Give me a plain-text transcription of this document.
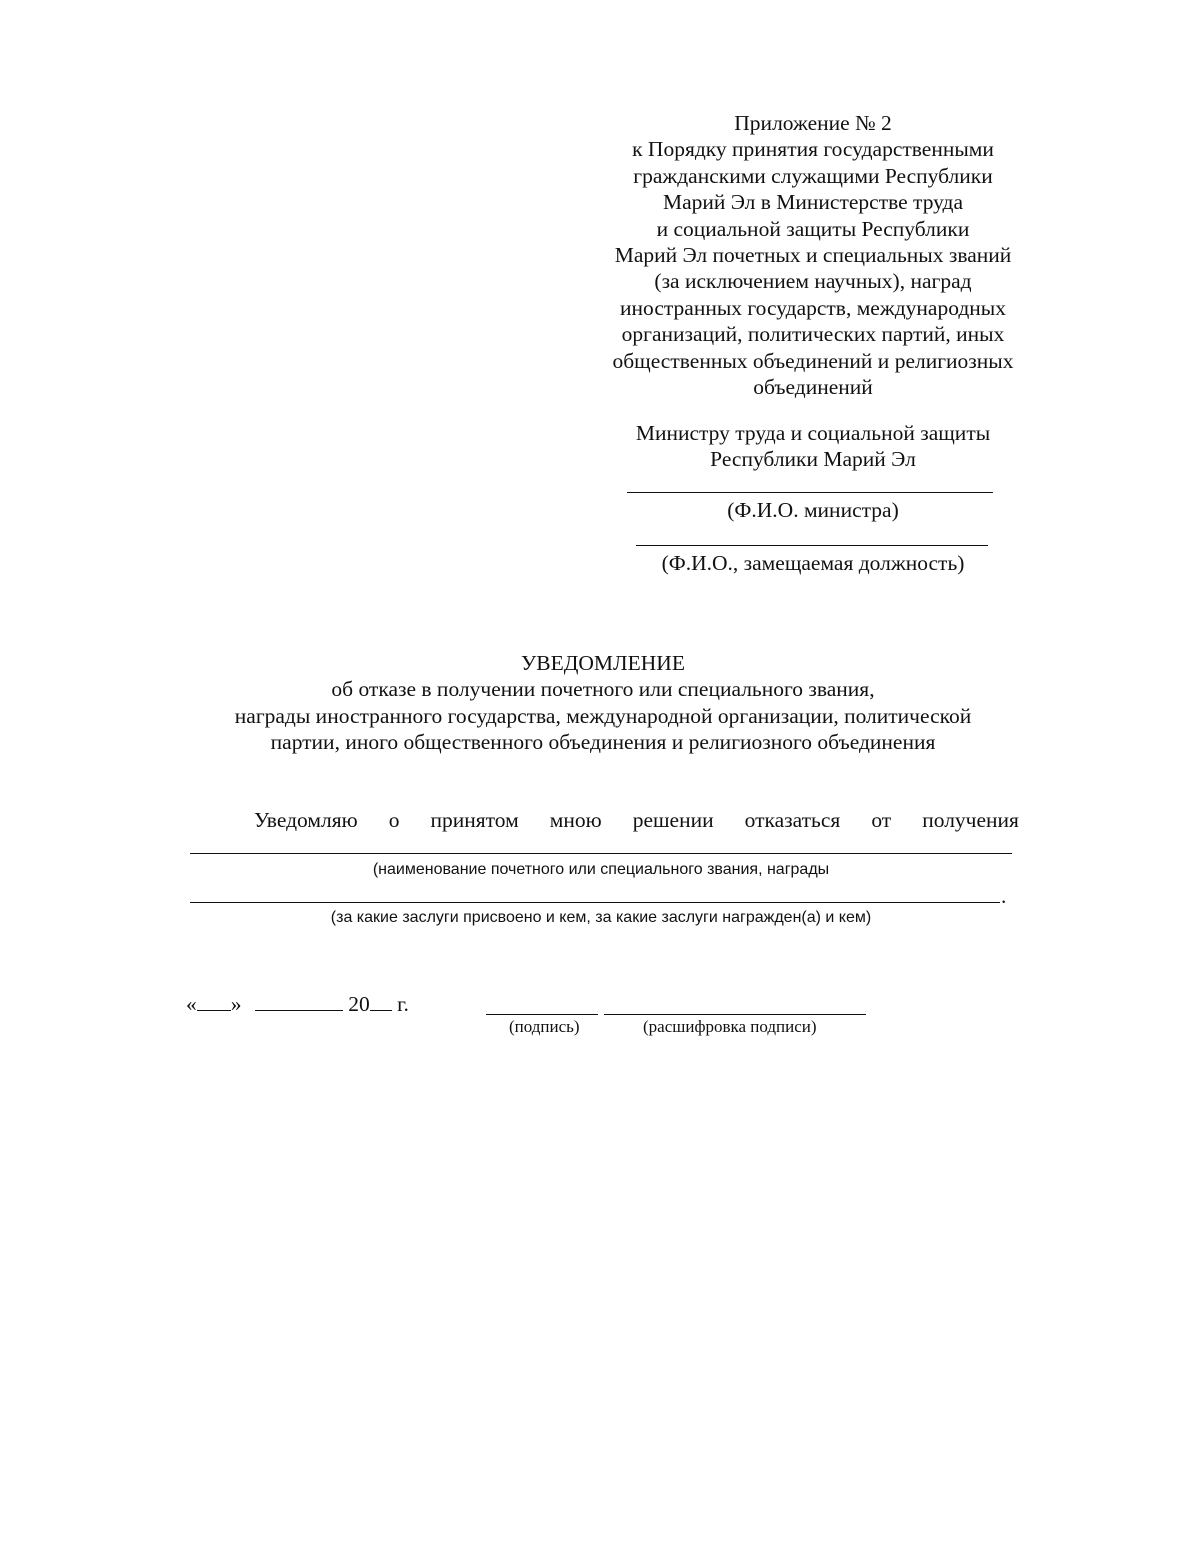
Приложение № 2
к Порядку принятия государственными
гражданскими служащими Республики
Марий Эл в Министерстве труда
и социальной защиты Республики
Марий Эл почетных и специальных званий
(за исключением научных), наград
иностранных государств, международных
организаций, политических партий, иных
общественных объединений и религиозных
объединений
Министру труда и социальной защиты
Республики Марий Эл
(Ф.И.О. министра)
(Ф.И.О., замещаемая должность)
УВЕДОМЛЕНИЕ
об отказе в получении почетного или специального звания,
награды иностранного государства, международной организации, политической
партии, иного общественного объединения и религиозного объединения
Уведомляю о принятом мною решении отказаться от получения
(наименование почетного или специального звания, награды
.
(за какие заслуги присвоено и кем, за какие заслуги награжден(а) и кем)
« »	20 г.
(подпись)	(расшифровка подписи)
